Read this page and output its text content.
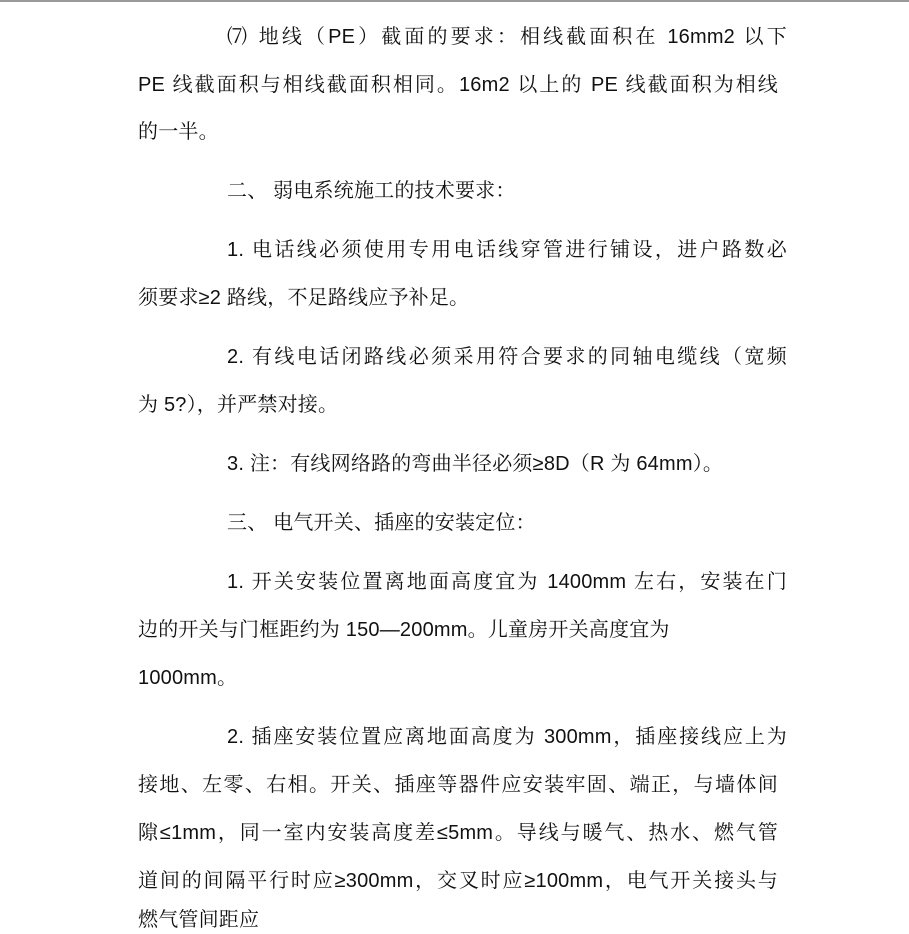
⑺ 地线（PE）截面的要求：相线截面积在 16mm2 以下
PE 线截面积与相线截面积相同。16m2 以上的 PE 线截面积为相线
的一半。
二、 弱电系统施工的技术要求：
1. 电话线必须使用专用电话线穿管进行铺设，进户路数必
须要求≥2 路线，不足路线应予补足。
2. 有线电话闭路线必须采用符合要求的同轴电缆线（宽频
为 5?），并严禁对接。
3. 注：有线网络路的弯曲半径必须≥8D（R 为 64mm）。
三、 电气开关、插座的安装定位：
1. 开关安装位置离地面高度宜为 1400mm 左右，安装在门
边的开关与门框距约为 150—200mm。儿童房开关高度宜为
1000mm。
2. 插座安装位置应离地面高度为 300mm，插座接线应上为
接地、左零、右相。开关、插座等器件应安装牢固、端正，与墙体间
隙≤1mm，同一室内安装高度差≤5mm。导线与暖气、热水、燃气管
道间的间隔平行时应≥300mm，交叉时应≥100mm，电气开关接头与
燃气管间距应
